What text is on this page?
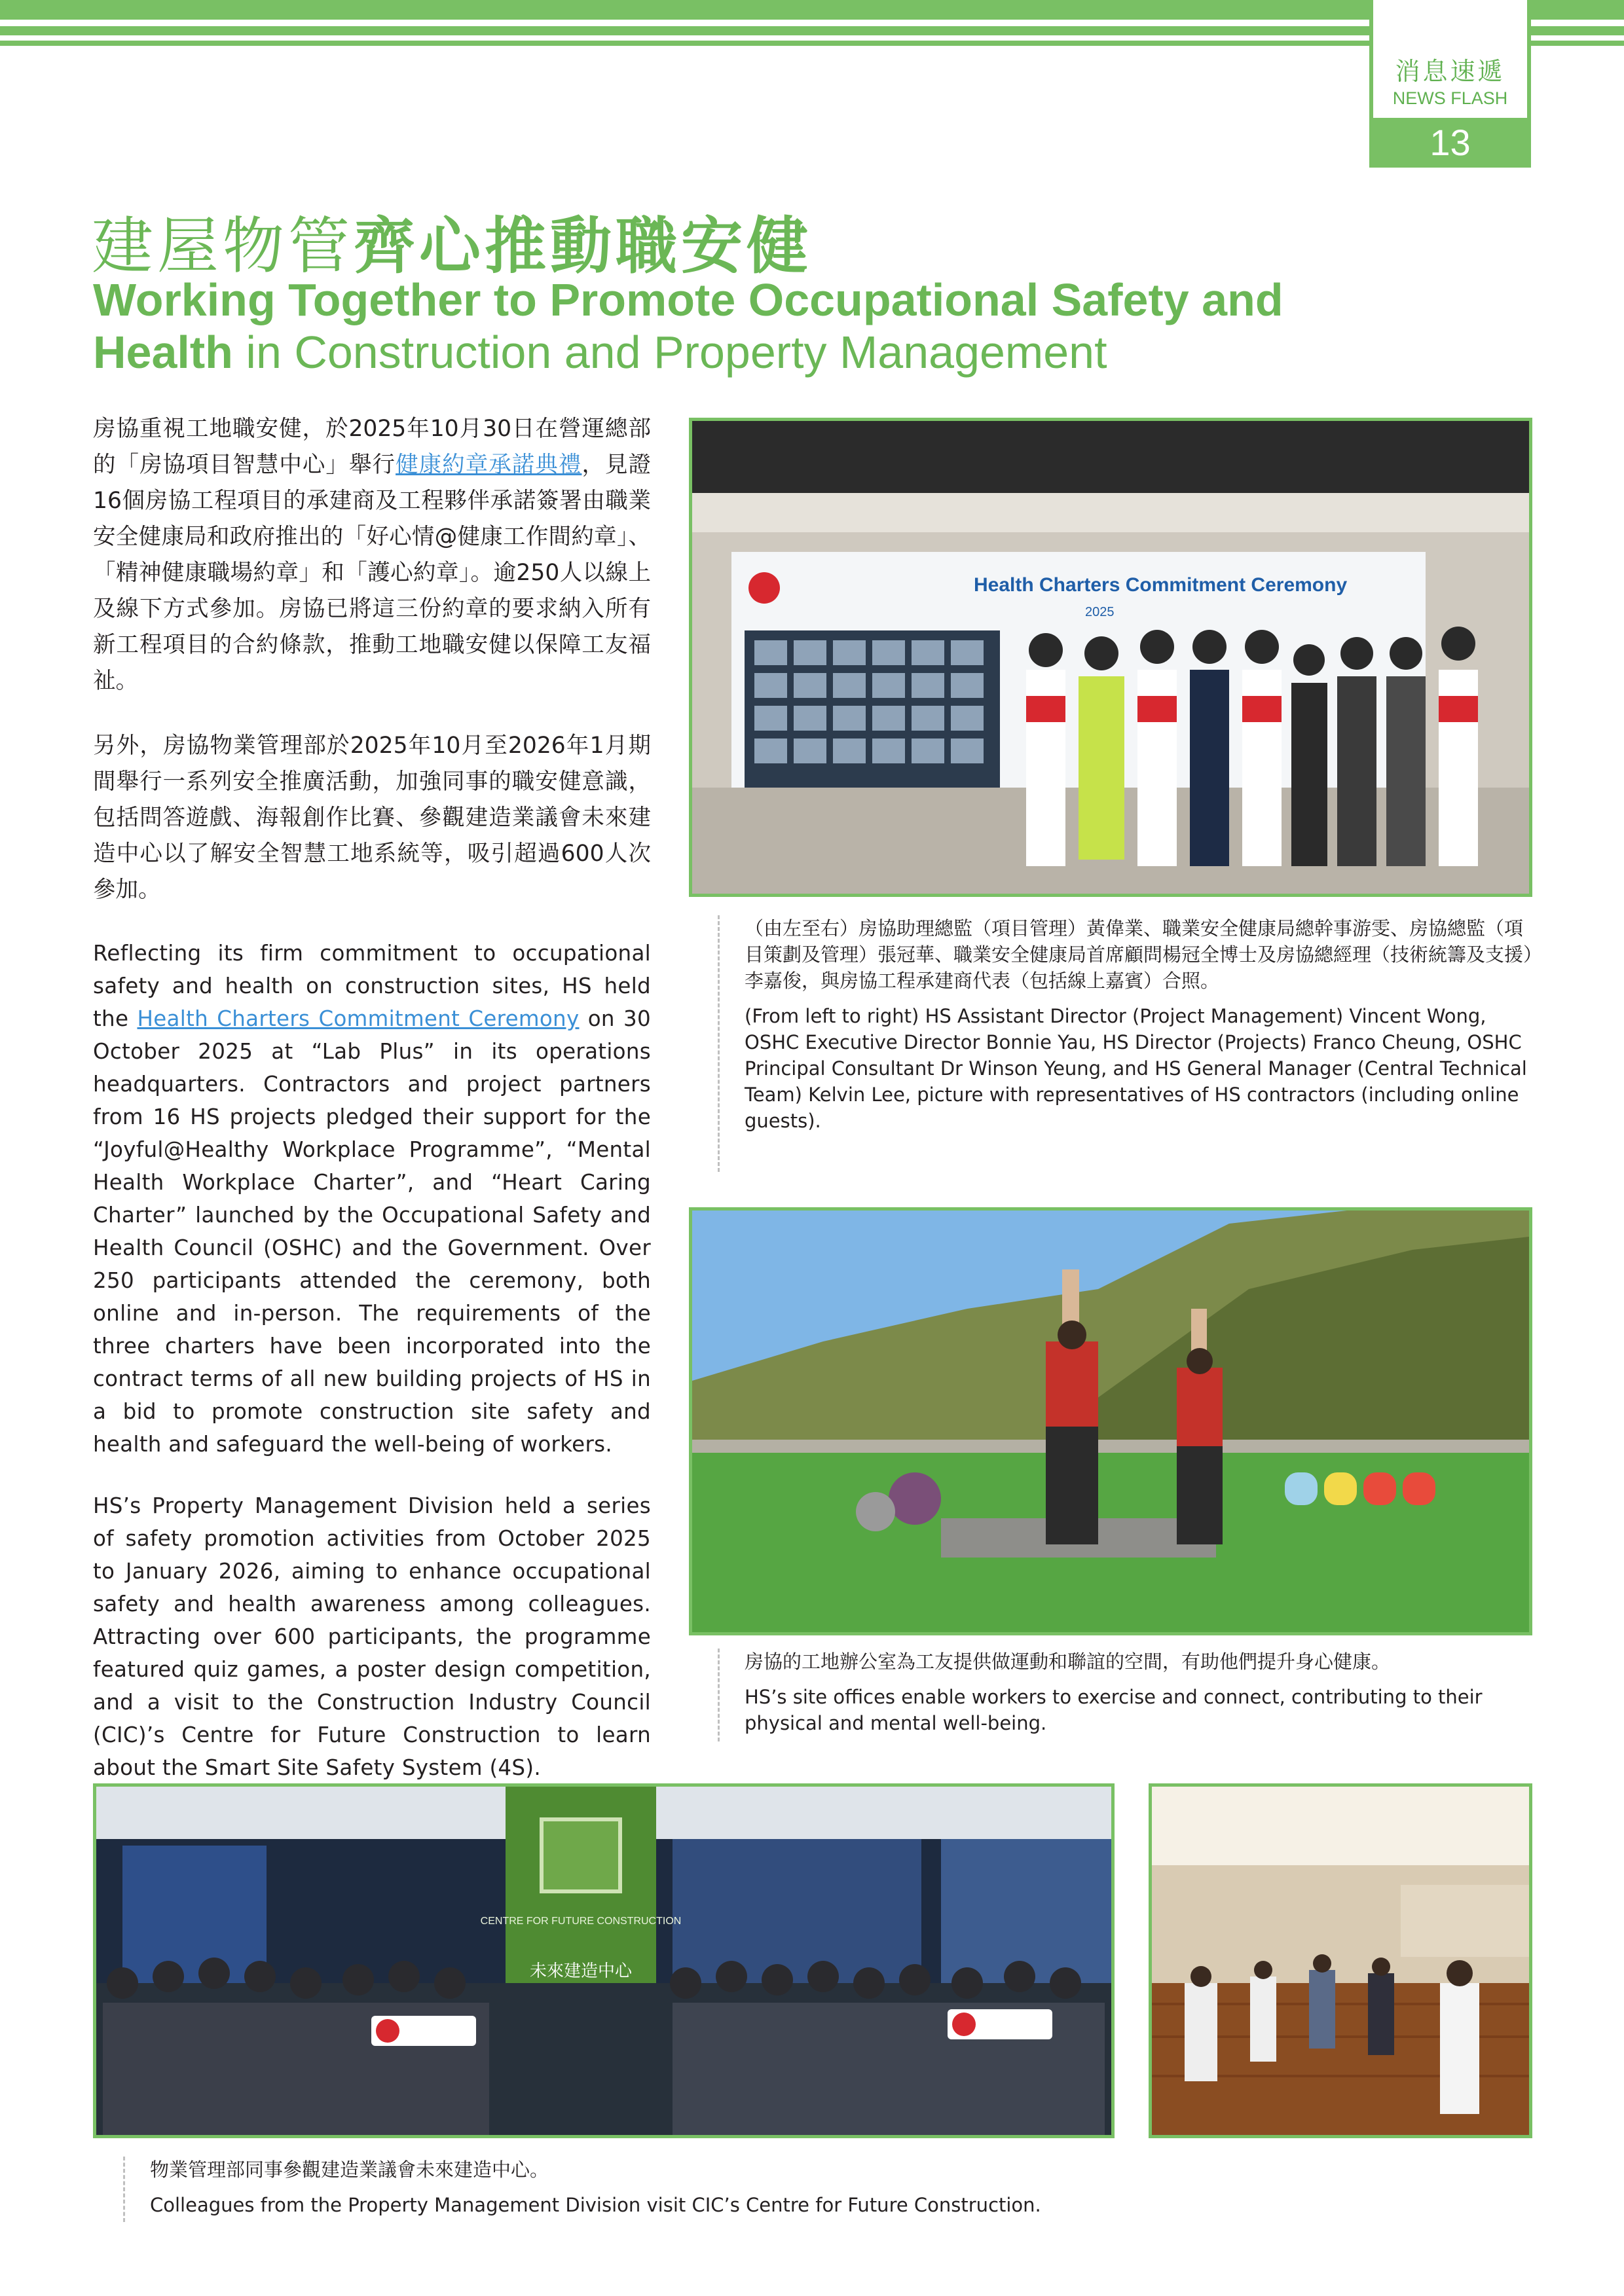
消息速遞
NEWS FLASH
13
建屋物管齊心推動職安健
Working Together to Promote Occupational Safety and Health in Construction and Property Management

房協重視工地職安健，於2025年10月30日在營運總部的「房協項目智慧中心」舉行健康約章承諾典禮，見證16個房協工程項目的承建商及工程夥伴承諾簽署由職業安全健康局和政府推出的「好心情@健康工作間約章」、「精神健康職場約章」和「護心約章」。逾250人以線上及線下方式參加。房協已將這三份約章的要求納入所有新工程項目的合約條款，推動工地職安健以保障工友福祉。

另外，房協物業管理部於2025年10月至2026年1月期間舉行一系列安全推廣活動，加強同事的職安健意識，包括問答遊戲、海報創作比賽、參觀建造業議會未來建造中心以了解安全智慧工地系統等，吸引超過600人次參加。

Reflecting its firm commitment to occupational safety and health on construction sites, HS held the Health Charters Commitment Ceremony on 30 October 2025 at “Lab Plus” in its operations headquarters. Contractors and project partners from 16 HS projects pledged their support for the “Joyful@Healthy Workplace Programme”, “Mental Health Workplace Charter”, and “Heart Caring Charter” launched by the Occupational Safety and Health Council (OSHC) and the Government. Over 250 participants attended the ceremony, both online and in-person. The requirements of the three charters have been incorporated into the contract terms of all new building projects of HS in a bid to promote construction site safety and health and safeguard the well-being of workers.

HS’s Property Management Division held a series of safety promotion activities from October 2025 to January 2026, aiming to enhance occupational safety and health awareness among colleagues. Attracting over 600 participants, the programme featured quiz games, a poster design competition, and a visit to the Construction Industry Council (CIC)’s Centre for Future Construction to learn about the Smart Site Safety System (4S).

Health Charters Commitment Ceremony
2025

（由左至右）房協助理總監（項目管理）黃偉業、職業安全健康局總幹事游雯、房協總監（項目策劃及管理）張冠華、職業安全健康局首席顧問楊冠全博士及房協總經理（技術統籌及支援）李嘉俊，與房協工程承建商代表（包括線上嘉賓）合照。

(From left to right) HS Assistant Director (Project Management) Vincent Wong, OSHC Executive Director Bonnie Yau, HS Director (Projects) Franco Cheung, OSHC Principal Consultant Dr Winson Yeung, and HS General Manager (Central Technical Team) Kelvin Lee, picture with representatives of HS contractors (including online guests).

房協的工地辦公室為工友提供做運動和聯誼的空間，有助他們提升身心健康。

HS’s site offices enable workers to exercise and connect, contributing to their physical and mental well-being.

CENTRE FOR FUTURE CONSTRUCTION
未來建造中心

物業管理部同事參觀建造業議會未來建造中心。

Colleagues from the Property Management Division visit CIC’s Centre for Future Construction.
